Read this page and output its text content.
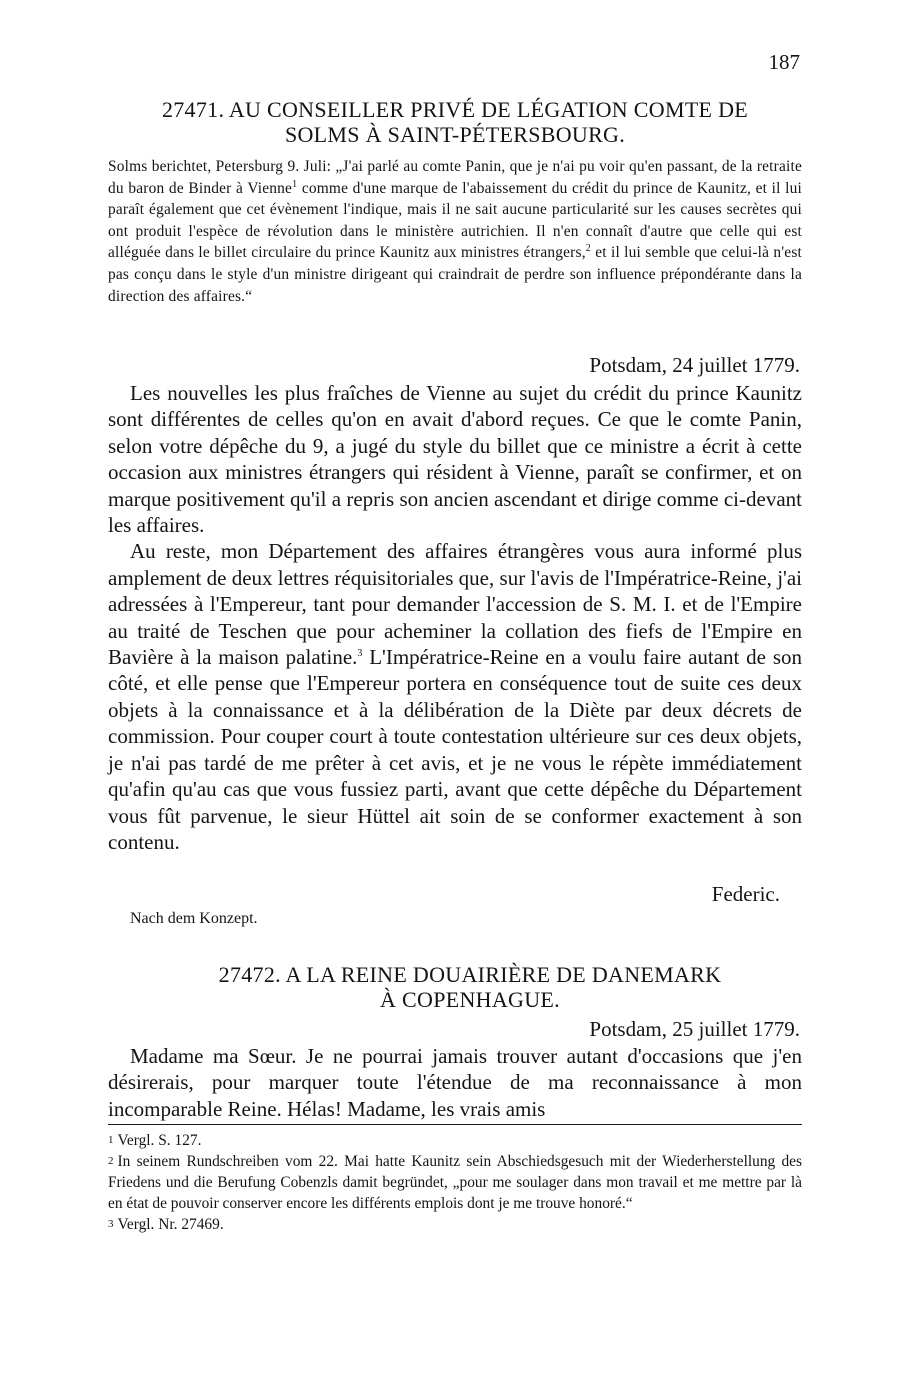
187
27471. AU CONSEILLER PRIVÉ DE LÉGATION COMTE DE
SOLMS À SAINT-PÉTERSBOURG.
Solms berichtet, Petersburg 9. Juli: „J'ai parlé au comte Panin, que je n'ai pu voir qu'en passant, de la retraite du baron de Binder à Vienne$^1$ comme d'une marque de l'abaissement du crédit du prince de Kaunitz, et il lui paraît également que cet évènement l'indique, mais il ne sait aucune particularité sur les causes secrètes qui ont produit l'espèce de révolution dans le ministère autrichien. Il n'en connaît d'autre que celle qui est alléguée dans le billet circulaire du prince Kaunitz aux ministres étrangers,$^2$ et il lui semble que celui-là n'est pas conçu dans le style d'un ministre dirigeant qui craindrait de perdre son influence prépondérante dans la direction des affaires.“
Potsdam, 24 juillet 1779.

Les nouvelles les plus fraîches de Vienne au sujet du crédit du prince Kaunitz sont différentes de celles qu'on en avait d'abord reçues. Ce que le comte Panin, selon votre dépêche du 9, a jugé du style du billet que ce ministre a écrit à cette occasion aux ministres étrangers qui résident à Vienne, paraît se confirmer, et on marque positivement qu'il a repris son ancien ascendant et dirige comme ci-devant les affaires.

Au reste, mon Département des affaires étrangères vous aura informé plus amplement de deux lettres réquisitoriales que, sur l'avis de l'Impératrice-Reine, j'ai adressées à l'Empereur, tant pour demander l'accession de S. M. I. et de l'Empire au traité de Teschen que pour acheminer la collation des fiefs de l'Empire en Bavière à la maison palatine.$^3$ L'Impératrice-Reine en a voulu faire autant de son côté, et elle pense que l'Empereur portera en conséquence tout de suite ces deux objets à la connaissance et à la délibération de la Diète par deux décrets de commission. Pour couper court à toute contestation ultérieure sur ces deux objets, je n'ai pas tardé de me prêter à cet avis, et je ne vous le répète immédiatement qu'afin qu'au cas que vous fussiez parti, avant que cette dépêche du Département vous fût parvenue, le sieur Hüttel ait soin de se conformer exactement à son contenu.

Federic.
Nach dem Konzept.
27472. A LA REINE DOUAIRIÈRE DE DANEMARK
À COPENHAGUE.
Potsdam, 25 juillet 1779.

Madame ma Sœur. Je ne pourrai jamais trouver autant d'occasions que j'en désirerais, pour marquer toute l'étendue de ma reconnaissance à mon incomparable Reine. Hélas! Madame, les vrais amis

$^1$ Vergl. S. 127.

$^2$ In seinem Rundschreiben vom 22. Mai hatte Kaunitz sein Abschiedsgesuch mit der Wiederherstellung des Friedens und die Berufung Cobenzls damit begründet, „pour me soulager dans mon travail et me mettre par là en état de pouvoir conserver encore les différents emplois dont je me trouve honoré.“

$^3$ Vergl. Nr. 27469.
